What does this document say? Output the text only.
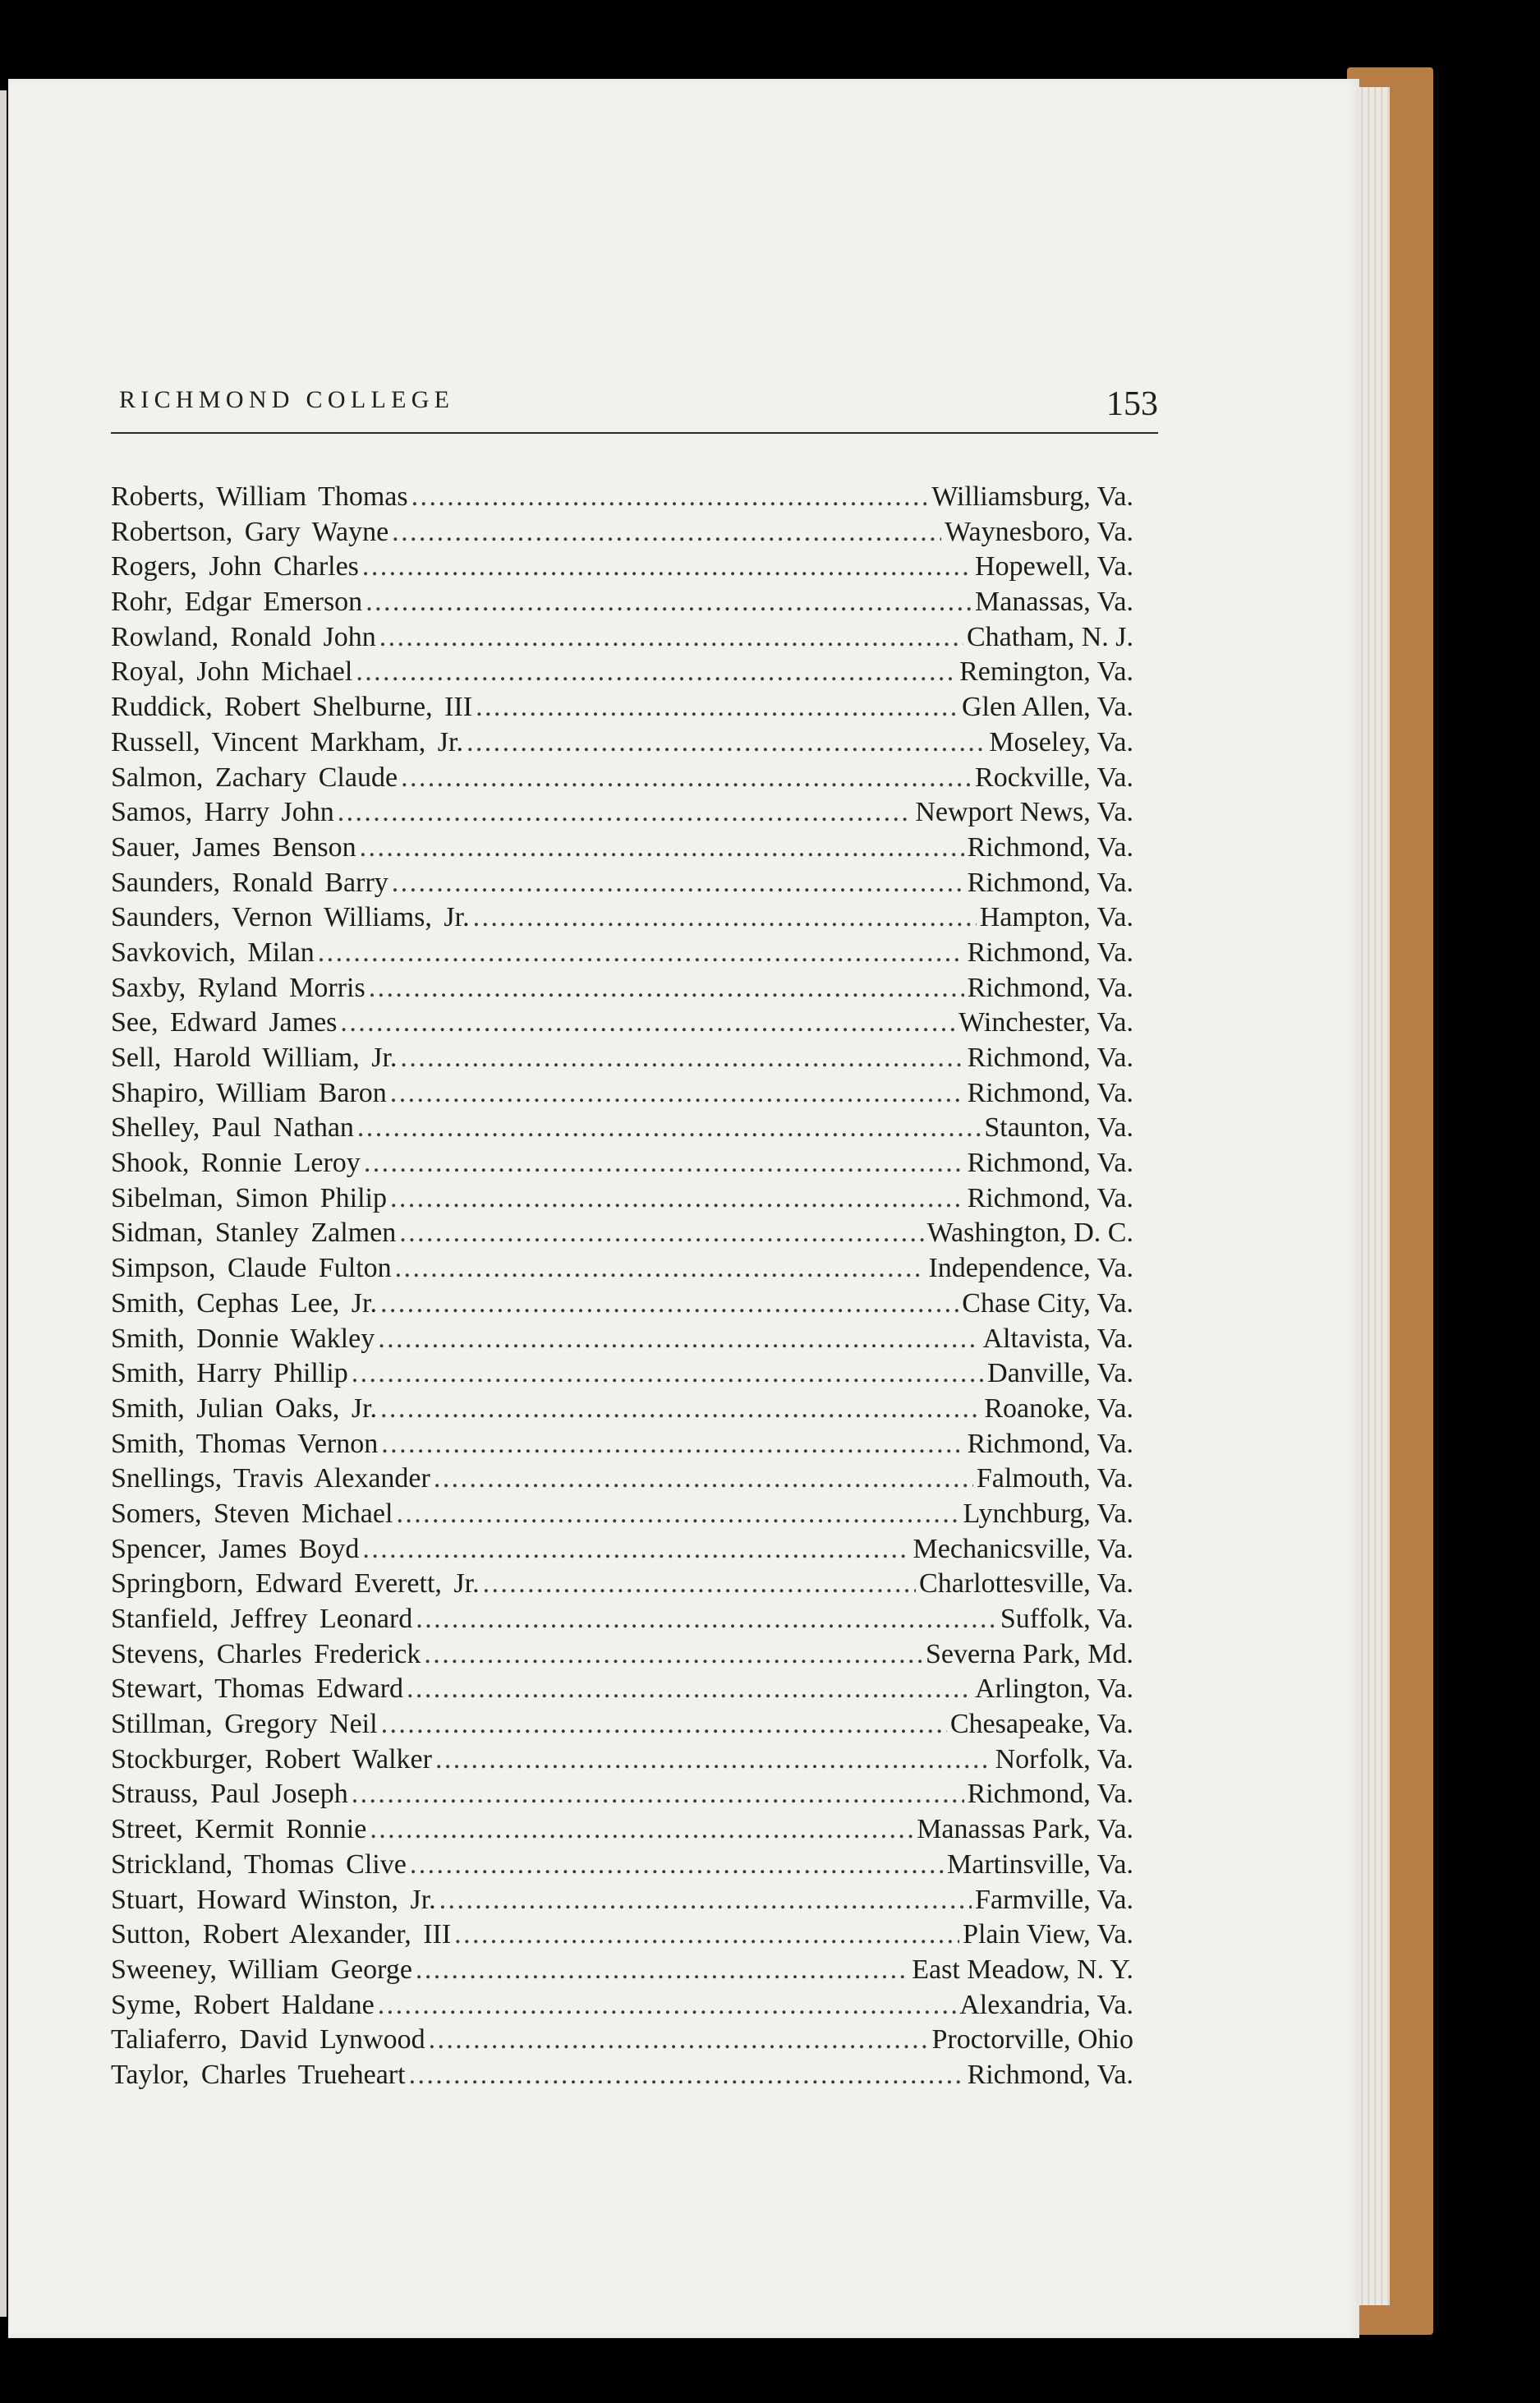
RICHMOND COLLEGE	153
Roberts, William Thomas .....	Williamsburg, Va.
Robertson, Gary Wayne .....	Waynesboro, Va.
Rogers, John Charles .....	Hopewell, Va.
Rohr, Edgar Emerson .....	Manassas, Va.
Rowland, Ronald John .....	Chatham, N. J.
Royal, John Michael .....	Remington, Va.
Ruddick, Robert Shelburne, III .....	Glen Allen, Va.
Russell, Vincent Markham, Jr. .....	Moseley, Va.
Salmon, Zachary Claude .....	Rockville, Va.
Samos, Harry John .....	Newport News, Va.
Sauer, James Benson .....	Richmond, Va.
Saunders, Ronald Barry .....	Richmond, Va.
Saunders, Vernon Williams, Jr. .....	Hampton, Va.
Savkovich, Milan .....	Richmond, Va.
Saxby, Ryland Morris .....	Richmond, Va.
See, Edward James .....	Winchester, Va.
Sell, Harold William, Jr. .....	Richmond, Va.
Shapiro, William Baron .....	Richmond, Va.
Shelley, Paul Nathan .....	Staunton, Va.
Shook, Ronnie Leroy .....	Richmond, Va.
Sibelman, Simon Philip .....	Richmond, Va.
Sidman, Stanley Zalmen .....	Washington, D. C.
Simpson, Claude Fulton .....	Independence, Va.
Smith, Cephas Lee, Jr. .....	Chase City, Va.
Smith, Donnie Wakley .....	Altavista, Va.
Smith, Harry Phillip .....	Danville, Va.
Smith, Julian Oaks, Jr. .....	Roanoke, Va.
Smith, Thomas Vernon .....	Richmond, Va.
Snellings, Travis Alexander .....	Falmouth, Va.
Somers, Steven Michael .....	Lynchburg, Va.
Spencer, James Boyd .....	Mechanicsville, Va.
Springborn, Edward Everett, Jr. .....	Charlottesville, Va.
Stanfield, Jeffrey Leonard .....	Suffolk, Va.
Stevens, Charles Frederick .....	Severna Park, Md.
Stewart, Thomas Edward .....	Arlington, Va.
Stillman, Gregory Neil .....	Chesapeake, Va.
Stockburger, Robert Walker .....	Norfolk, Va.
Strauss, Paul Joseph .....	Richmond, Va.
Street, Kermit Ronnie .....	Manassas Park, Va.
Strickland, Thomas Clive .....	Martinsville, Va.
Stuart, Howard Winston, Jr. .....	Farmville, Va.
Sutton, Robert Alexander, III .....	Plain View, Va.
Sweeney, William George .....	East Meadow, N. Y.
Syme, Robert Haldane .....	Alexandria, Va.
Taliaferro, David Lynwood .....	Proctorville, Ohio
Taylor, Charles Trueheart .....	Richmond, Va.
